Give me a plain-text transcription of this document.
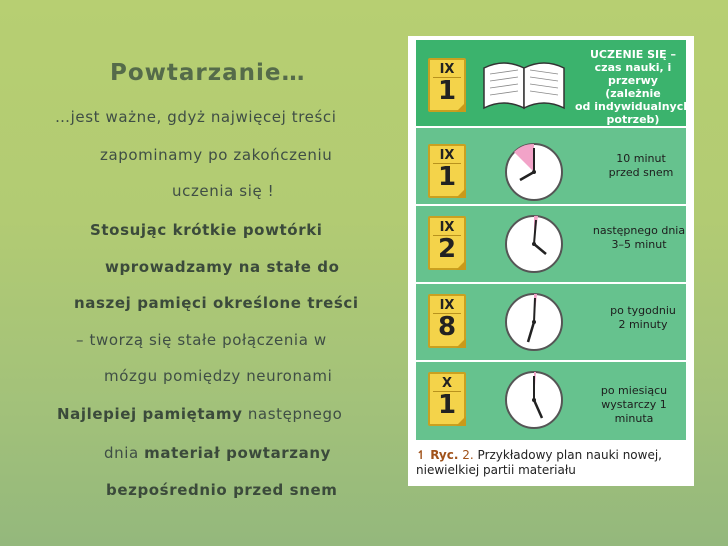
Powtarzanie…
…jest ważne, gdyż najwięcej treści
zapominamy po zakończeniu
uczenia się !
Stosując krótkie powtórki
wprowadzamy na stałe do
naszej pamięci określone treści
– tworzą się stałe połączenia w
mózgu pomiędzy neuronami
Najlepiej pamiętamy następnego
dnia materiał powtarzany
bezpośrednio przed snem
IX
1
UCZENIE SIĘ –
czas nauki, i przerwy
(zależnie
od indywidualnych
potrzeb)
IX
1
10 minut
przed snem
IX
2
następnego dnia
3–5 minut
IX
8
po tygodniu
2 minuty
X
1	po miesiącu
wystarczy 1 minuta
↿ Ryc. 2. Przykładowy plan nauki nowej,
niewielkiej partii materiału
